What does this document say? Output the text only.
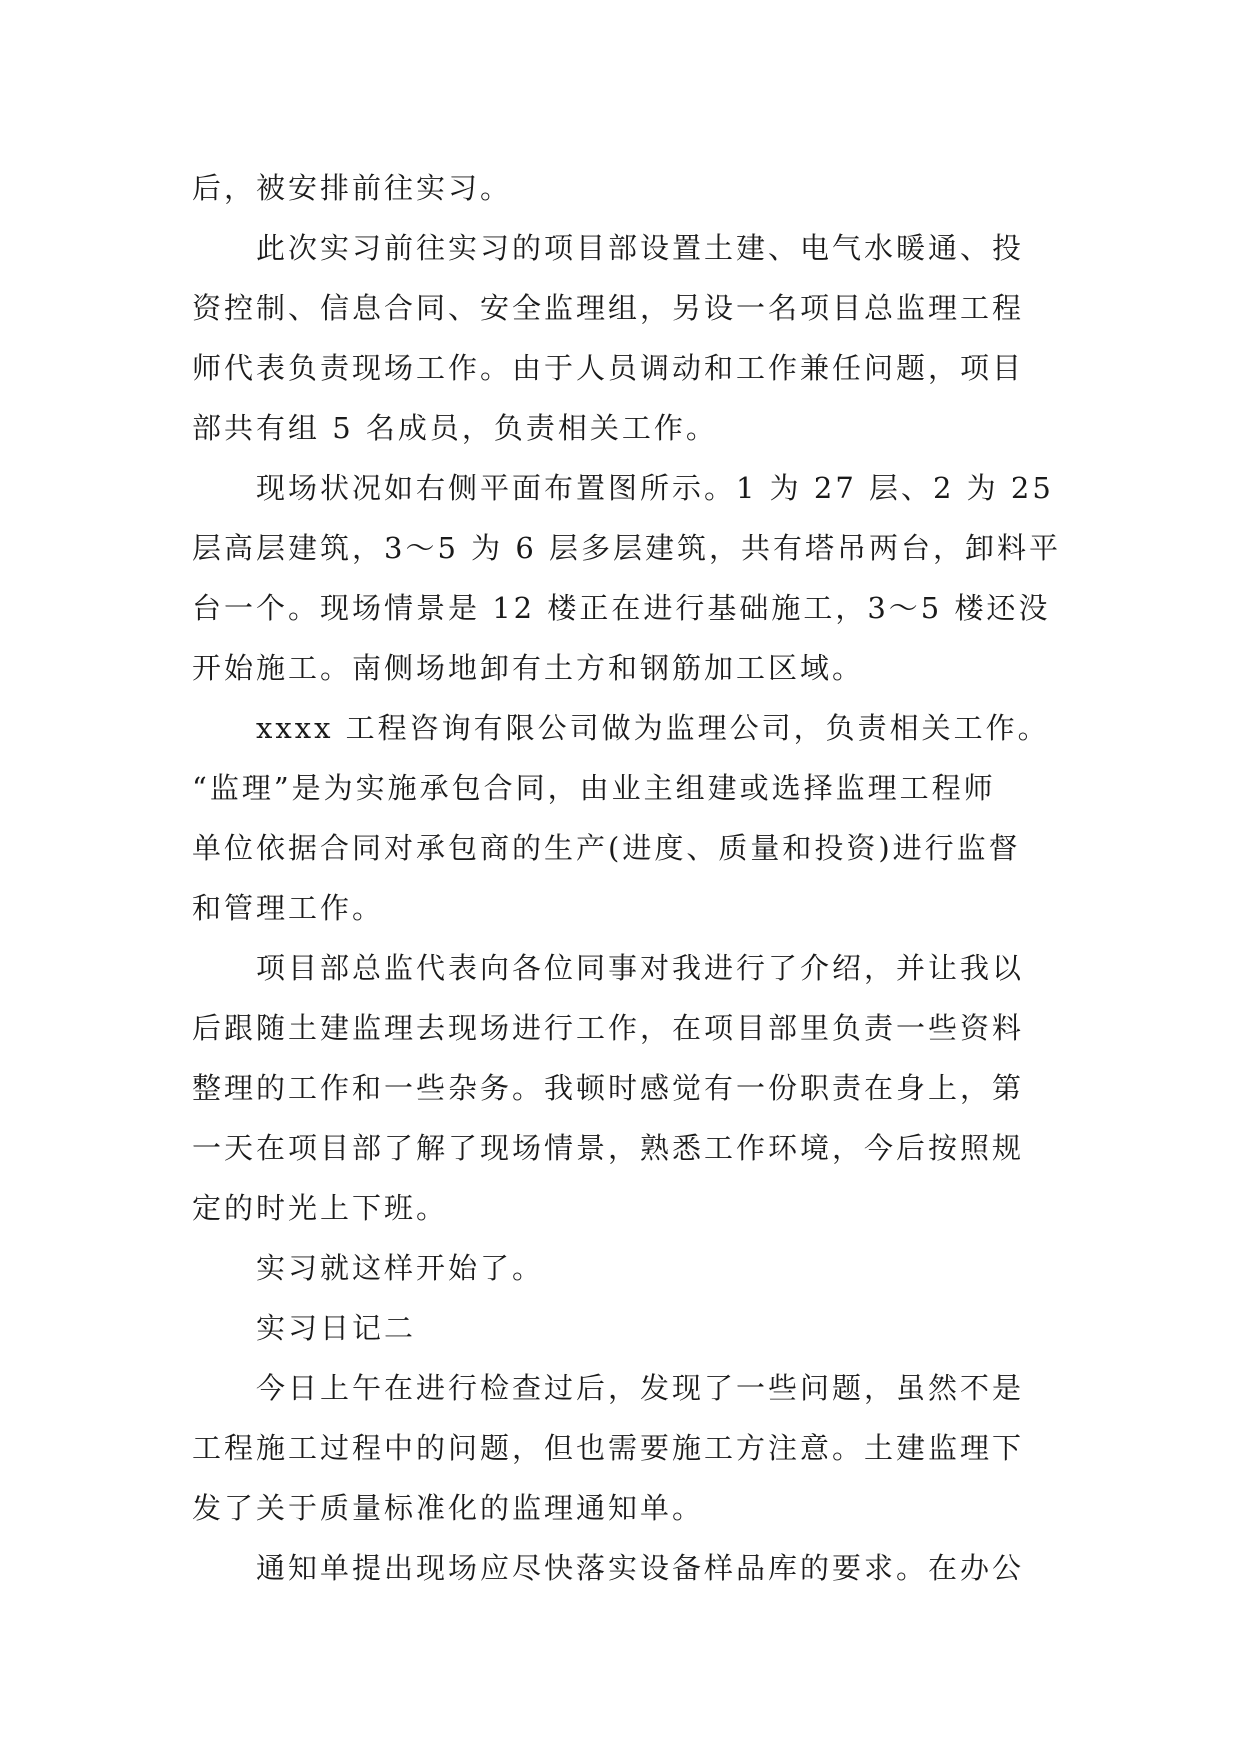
后，被安排前往实习。

此次实习前往实习的项目部设置土建、电气水暖通、投
资控制、信息合同、安全监理组，另设一名项目总监理工程
师代表负责现场工作。由于人员调动和工作兼任问题，项目
部共有组 5 名成员，负责相关工作。

现场状况如右侧平面布置图所示。1 为 27 层、2 为 25
层高层建筑，3～5 为 6 层多层建筑，共有塔吊两台，卸料平
台一个。现场情景是 12 楼正在进行基础施工，3～5 楼还没
开始施工。南侧场地卸有土方和钢筋加工区域。

xxxx 工程咨询有限公司做为监理公司，负责相关工作。
“监理”是为实施承包合同，由业主组建或选择监理工程师
单位依据合同对承包商的生产(进度、质量和投资)进行监督
和管理工作。

项目部总监代表向各位同事对我进行了介绍，并让我以
后跟随土建监理去现场进行工作，在项目部里负责一些资料
整理的工作和一些杂务。我顿时感觉有一份职责在身上，第
一天在项目部了解了现场情景，熟悉工作环境，今后按照规
定的时光上下班。

实习就这样开始了。

实习日记二

今日上午在进行检查过后，发现了一些问题，虽然不是
工程施工过程中的问题，但也需要施工方注意。土建监理下
发了关于质量标准化的监理通知单。

通知单提出现场应尽快落实设备样品库的要求。在办公
